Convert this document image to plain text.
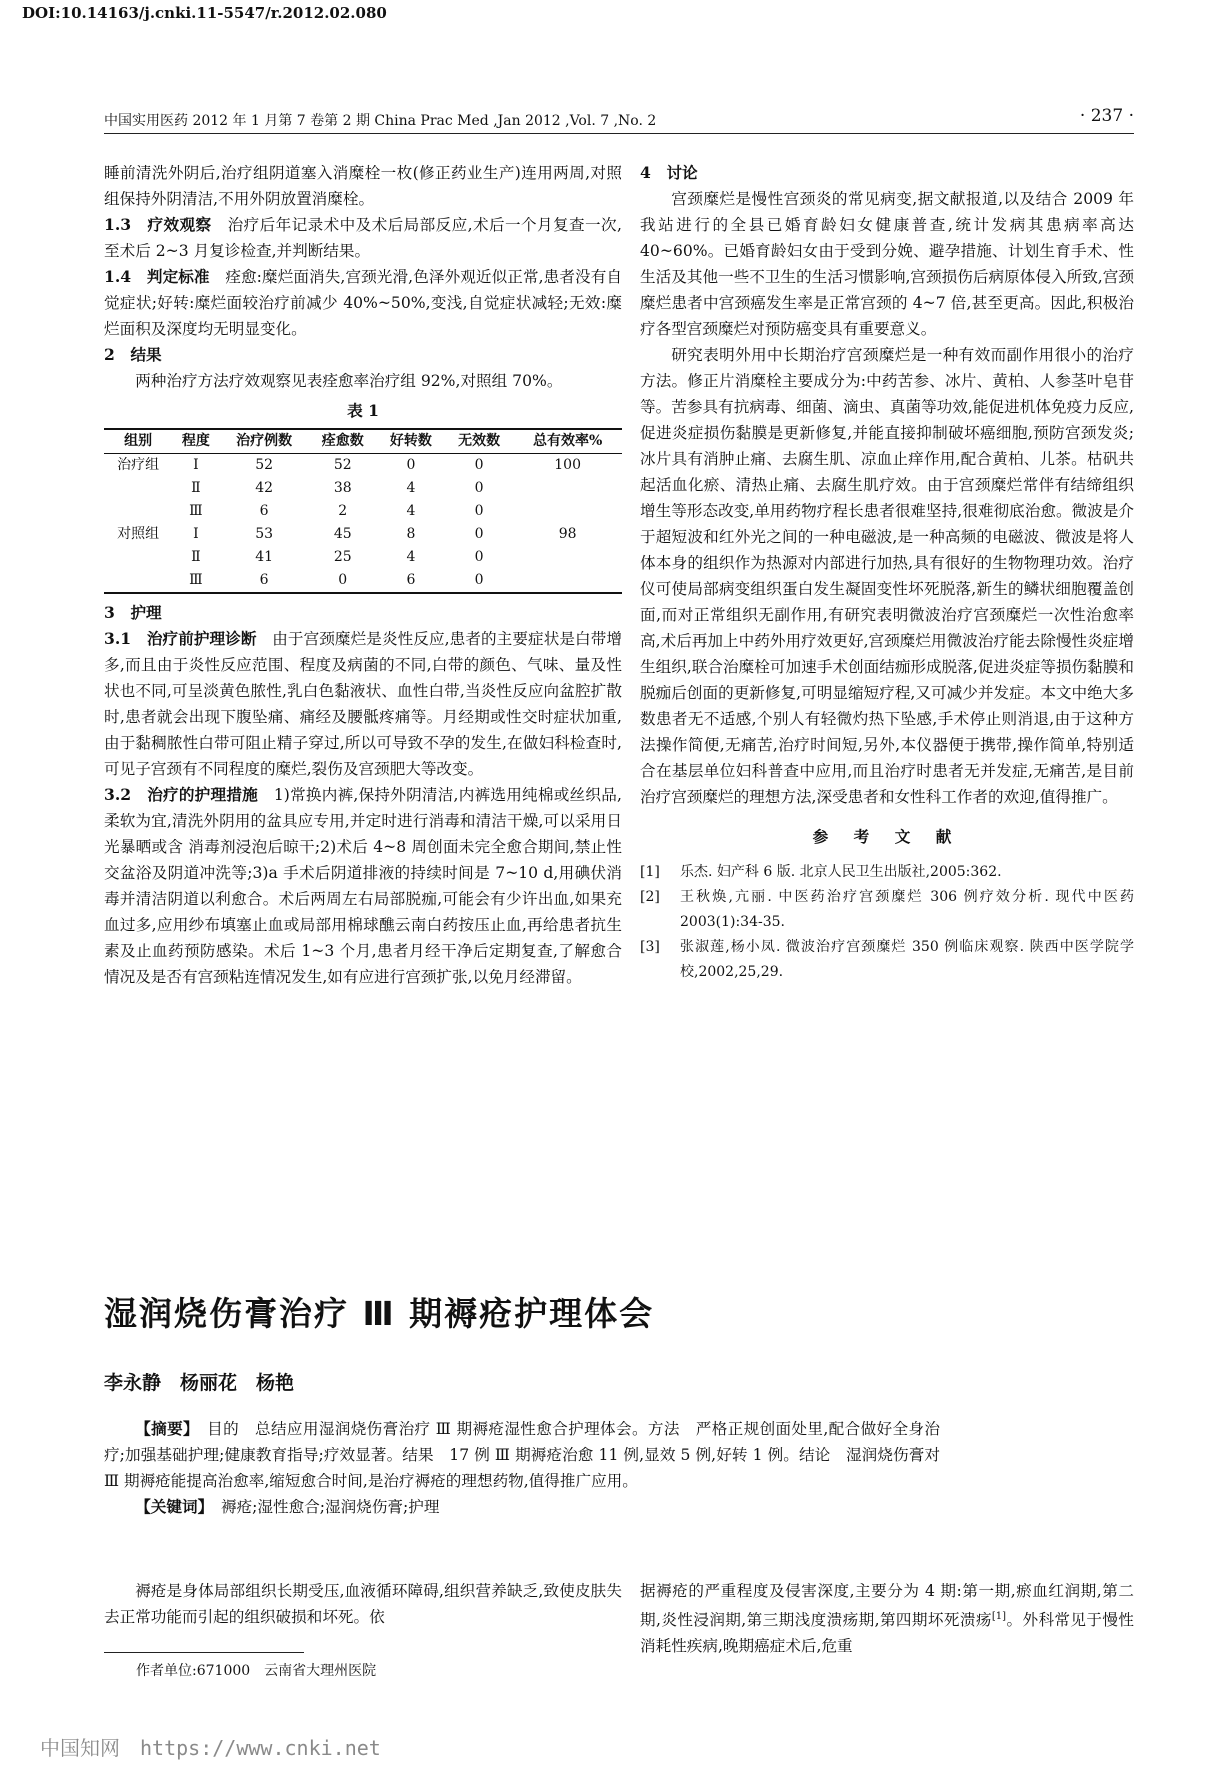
DOI:10.14163/j.cnki.11-5547/r.2012.02.080
中国实用医药 2012 年 1 月第 7 卷第 2 期 China Prac Med ,Jan 2012 ,Vol. 7 ,No. 2	· 237 ·

睡前清洗外阴后,治疗组阴道塞入消糜栓一枚(修正药业生产)连用两周,对照组保持外阴清洁,不用外阴放置消糜栓。

1.3　疗效观察　 治疗后年记录术中及术后局部反应,术后一个月复查一次,至术后 2~3 月复诊检查,并判断结果。

1.4　判定标准　 痊愈:糜烂面消失,宫颈光滑,色泽外观近似正常,患者没有自觉症状;好转:糜烂面较治疗前减少 40%~50%,变浅,自觉症状减轻;无效:糜烂面积及深度均无明显变化。

2　结果

两种治疗方法疗效观察见表痊愈率治疗组 92%,对照组 70%。

表 1
组别	程度	治疗例数	痊愈数	好转数	无效数	总有效率%
治疗组	Ⅰ	52	52	0	0	100
	Ⅱ	42	38	4	0	
	Ⅲ	6	2	4	0	
对照组	Ⅰ	53	45	8	0	98
	Ⅱ	41	25	4	0	
	Ⅲ	6	0	6	0	

3　护理

3.1　治疗前护理诊断　 由于宫颈糜烂是炎性反应,患者的主要症状是白带增多,而且由于炎性反应范围、程度及病菌的不同,白带的颜色、气味、量及性状也不同,可呈淡黄色脓性,乳白色黏液状、血性白带,当炎性反应向盆腔扩散时,患者就会出现下腹坠痛、痛经及腰骶疼痛等。月经期或性交时症状加重,由于黏稠脓性白带可阻止精子穿过,所以可导致不孕的发生,在做妇科检查时,可见子宫颈有不同程度的糜烂,裂伤及宫颈肥大等改变。

3.2　治疗的护理措施　 1)常换内裤,保持外阴清洁,内裤选用纯棉或丝织品,柔软为宜,清洗外阴用的盆具应专用,并定时进行消毒和清洁干燥,可以采用日光暴晒或含 消毒剂浸泡后晾干;2)术后 4~8 周创面未完全愈合期间,禁止性交盆浴及阴道冲洗等;3)a 手术后阴道排液的持续时间是 7~10 d,用碘伏消毒并清洁阴道以利愈合。术后两周左右局部脱痂,可能会有少许出血,如果充血过多,应用纱布填塞止血或局部用棉球醮云南白药按压止血,再给患者抗生素及止血药预防感染。术后 1~3 个月,患者月经干净后定期复查,了解愈合情况及是否有宫颈粘连情况发生,如有应进行宫颈扩张,以免月经滞留。

4　讨论

宫颈糜烂是慢性宫颈炎的常见病变,据文献报道,以及结合 2009 年我站进行的全县已婚育龄妇女健康普查,统计发病其患病率高达 40~60%。已婚育龄妇女由于受到分娩、避孕措施、计划生育手术、性生活及其他一些不卫生的生活习惯影响,宫颈损伤后病原体侵入所致,宫颈糜烂患者中宫颈癌发生率是正常宫颈的 4~7 倍,甚至更高。因此,积极治疗各型宫颈糜烂对预防癌变具有重要意义。

研究表明外用中长期治疗宫颈糜烂是一种有效而副作用很小的治疗方法。修正片消糜栓主要成分为:中药苦参、冰片、黄柏、人参茎叶皂苷等。苦参具有抗病毒、细菌、滴虫、真菌等功效,能促进机体免疫力反应,促进炎症损伤黏膜是更新修复,并能直接抑制破坏癌细胞,预防宫颈发炎;冰片具有消肿止痛、去腐生肌、凉血止痒作用,配合黄柏、儿茶。枯矾共起活血化瘀、清热止痛、去腐生肌疗效。由于宫颈糜烂常伴有结缔组织增生等形态改变,单用药物疗程长患者很难坚持,很难彻底治愈。微波是介于超短波和红外光之间的一种电磁波,是一种高频的电磁波、微波是将人体本身的组织作为热源对内部进行加热,具有很好的生物物理功效。治疗仪可使局部病变组织蛋白发生凝固变性坏死脱落,新生的鳞状细胞覆盖创面,而对正常组织无副作用,有研究表明微波治疗宫颈糜烂一次性治愈率高,术后再加上中药外用疗效更好,宫颈糜烂用微波治疗能去除慢性炎症增生组织,联合治糜栓可加速手术创面结痂形成脱落,促进炎症等损伤黏膜和脱痂后创面的更新修复,可明显缩短疗程,又可减少并发症。本文中绝大多数患者无不适感,个别人有轻微灼热下坠感,手术停止则消退,由于这种方法操作简便,无痛苦,治疗时间短,另外,本仪器便于携带,操作简单,特别适合在基层单位妇科普查中应用,而且治疗时患者无并发症,无痛苦,是目前治疗宫颈糜烂的理想方法,深受患者和女性科工作者的欢迎,值得推广。

参 考 文 献
[1]	乐杰. 妇产科 6 版. 北京人民卫生出版社,2005:362.
[2]	王秋焕,亢丽. 中医药治疗宫颈糜烂 306 例疗效分析. 现代中医药 2003(1):34-35.
[3]	张淑莲,杨小凤. 微波治疗宫颈糜烂 350 例临床观察. 陕西中医学院学校,2002,25,29.
湿润烧伤膏治疗 Ⅲ 期褥疮护理体会
李永静　杨丽花　杨艳

【摘要】　 目的　总结应用湿润烧伤膏治疗 Ⅲ 期褥疮湿性愈合护理体会。方法　严格正规创面处里,配合做好全身治疗;加强基础护理;健康教育指导;疗效显著。结果　17 例 Ⅲ 期褥疮治愈 11 例,显效 5 例,好转 1 例。结论　湿润烧伤膏对 Ⅲ 期褥疮能提高治愈率,缩短愈合时间,是治疗褥疮的理想药物,值得推广应用。

【关键词】　 褥疮;湿性愈合;湿润烧伤膏;护理

褥疮是身体局部组织长期受压,血液循环障碍,组织营养缺乏,致使皮肤失去正常功能而引起的组织破损和坏死。依

据褥疮的严重程度及侵害深度,主要分为 4 期:第一期,瘀血红润期,第二期,炎性浸润期,第三期浅度溃疡期,第四期坏死溃疡[1]。外科常见于慢性消耗性疾病,晚期癌症术后,危重

作者单位:671000　云南省大理州医院
中国知网　https://www.cnki.net
